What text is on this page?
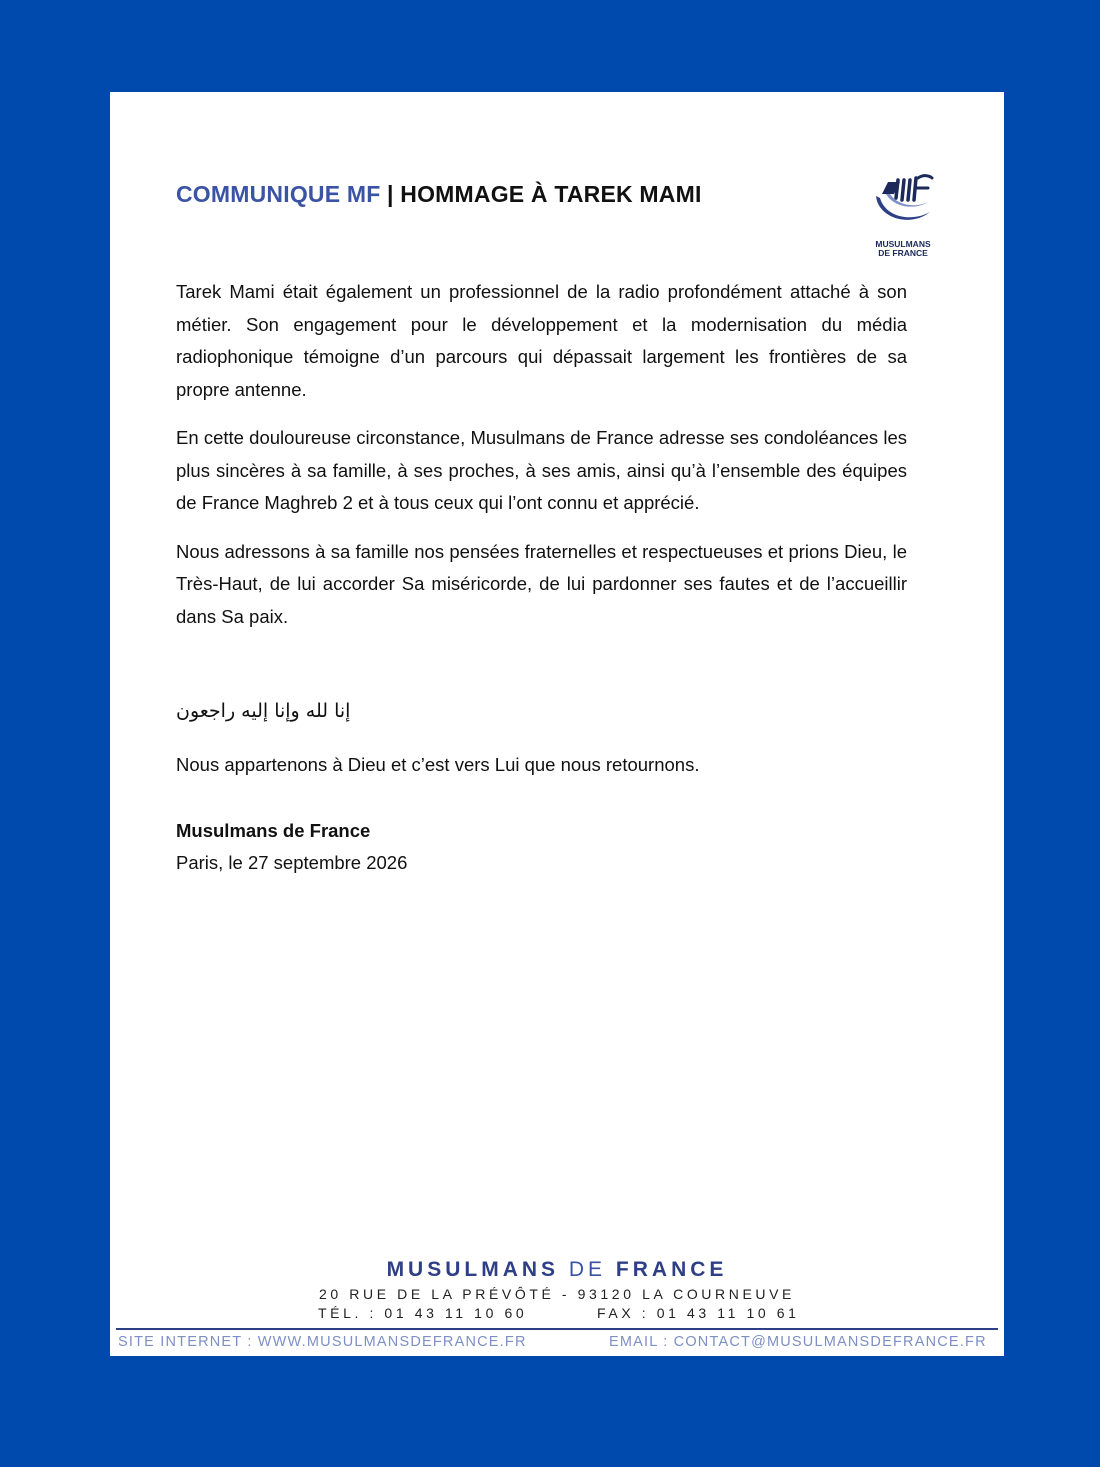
COMMUNIQUE MF | HOMMAGE À TAREK MAMI
MUSULMANS
DE FRANCE

Tarek Mami était également un professionnel de la radio profondément attaché à son métier. Son engagement pour le développement et la modernisation du média radiophonique témoigne d’un parcours qui dépassait largement les frontières de sa propre antenne.

En cette douloureuse circonstance, Musulmans de France adresse ses condoléances les plus sincères à sa famille, à ses proches, à ses amis, ainsi qu’à l’ensemble des équipes de France Maghreb 2 et à tous ceux qui l’ont connu et apprécié.

Nous adressons à sa famille nos pensées fraternelles et respectueuses et prions Dieu, le Très-Haut, de lui accorder Sa miséricorde, de lui pardonner ses fautes et de l’accueillir dans Sa paix.

إنا لله وإنا إليه راجعون
Nous appartenons à Dieu et c’est vers Lui que nous retournons.
Musulmans de France
Paris, le 27 septembre 2026
MUSULMANS DE FRANCE
20 RUE DE LA PRÉVÔTÉ - 93120 LA COURNEUVE
TÉL. : 01 43 11 10 60	FAX : 01 43 11 10 61
SITE INTERNET : WWW.MUSULMANSDEFRANCE.FR	EMAIL : CONTACT@MUSULMANSDEFRANCE.FR
